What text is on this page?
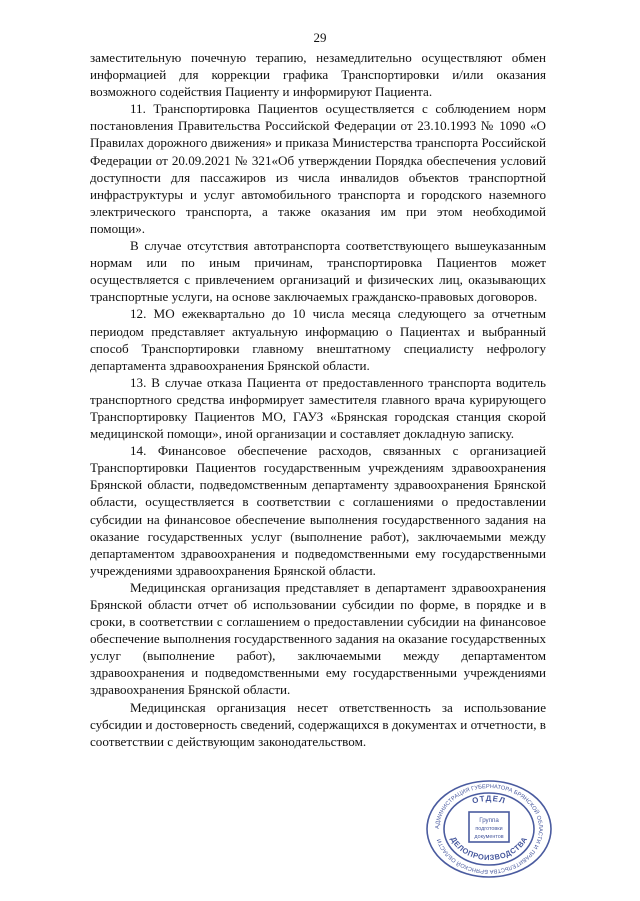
29

заместительную почечную терапию, незамедлительно осуществляют обмен информацией для коррекции графика Транспортировки и/или оказания возможного содействия Пациенту и информируют Пациента.

11. Транспортировка Пациентов осуществляется с соблюдением норм постановления Правительства Российской Федерации от 23.10.1993 № 1090 «О Правилах дорожного движения» и приказа Министерства транспорта Российской Федерации от 20.09.2021 № 321«Об утверждении Порядка обеспечения условий доступности для пассажиров из числа инвалидов объектов транспортной инфраструктуры и услуг автомобильного транспорта и городского наземного электрического транспорта, а также оказания им при этом необходимой помощи».

В случае отсутствия автотранспорта соответствующего вышеуказанным нормам или по иным причинам, транспортировка Пациентов может осуществляется с привлечением организаций и физических лиц, оказывающих транспортные услуги, на основе заключаемых гражданско-правовых договоров.

12. МО ежеквартально до 10 числа месяца следующего за отчетным периодом представляет актуальную информацию о Пациентах и выбранный способ Транспортировки главному внештатному специалисту нефрологу департамента здравоохранения Брянской области.

13. В случае отказа Пациента от предоставленного транспорта водитель транспортного средства информирует заместителя главного врача курирующего Транспортировку Пациентов МО, ГАУЗ «Брянская городская станция скорой медицинской помощи», иной организации и составляет докладную записку.

14. Финансовое обеспечение расходов, связанных с организацией Транспортировки Пациентов государственным учреждениям здравоохранения Брянской области, подведомственным департаменту здравоохранения Брянской области, осуществляется в соответствии с соглашениями о предоставлении субсидии на финансовое обеспечение выполнения государственного задания на оказание государственных услуг (выполнение работ), заключаемыми между департаментом здравоохранения и подведомственными ему государственными учреждениями здравоохранения Брянской области.

Медицинская организация представляет в департамент здравоохранения Брянской области отчет об использовании субсидии по форме, в порядке и в сроки, в соответствии с соглашением о предоставлении субсидии на финансовое обеспечение выполнения государственного задания на оказание государственных услуг (выполнение работ), заключаемыми между департаментом здравоохранения и подведомственными ему государственными учреждениями здравоохранения Брянской области.

Медицинская организация несет ответственность за использование субсидии и достоверность сведений, содержащихся в документах и отчетности, в соответствии с действующим законодательством.

АДМИНИСТРАЦИЯ ГУБЕРНАТОРА БРЯНСКОЙ ОБЛАСТИ И ПРАВИТЕЛЬСТВА БРЯНСКОЙ ОБЛАСТИ
ОТДЕЛ
ДЕЛОПРОИЗВОДСТВА
Группа
подготовки
документов
